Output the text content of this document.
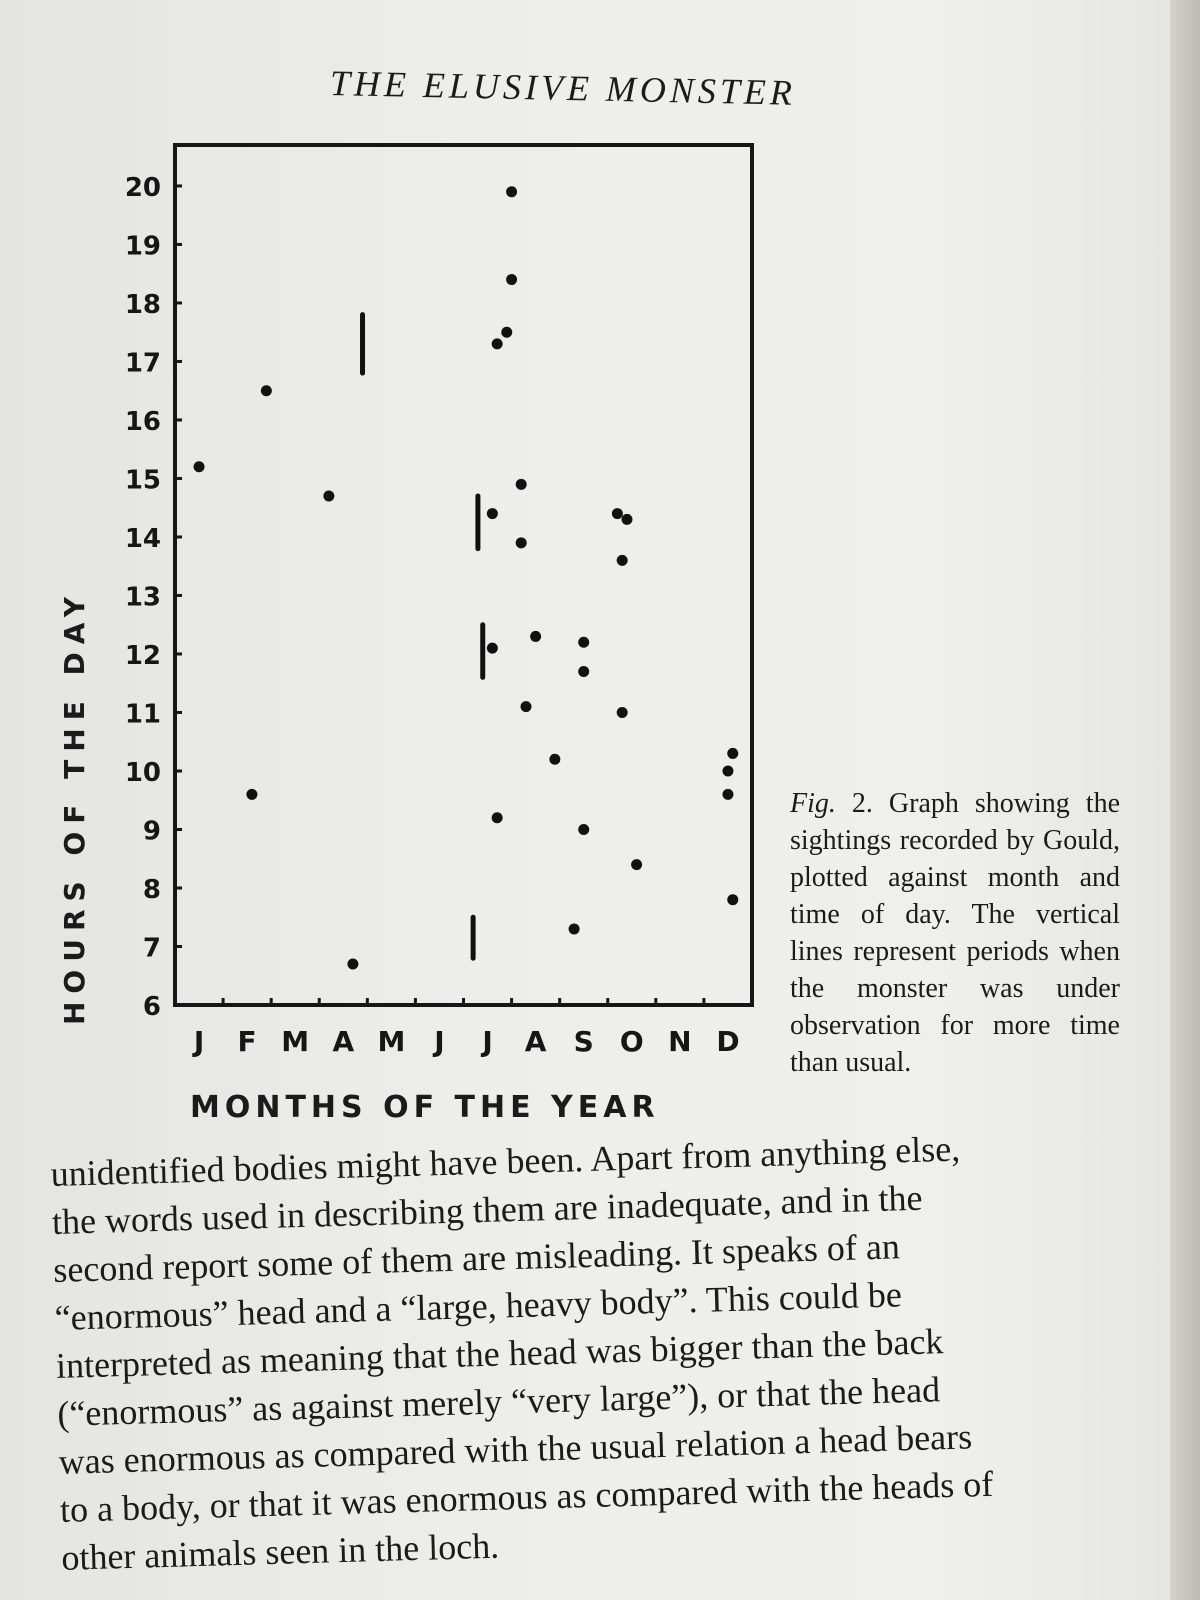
THE ELUSIVE MONSTER
6
7
8
9
10
11
12
13
14
15
16
17
18
19
20
J F M A M J J A S O N D
HOURS OF THE DAY
MONTHS OF THE YEAR
Fig. 2. Graph showing the sightings recorded by Gould, plotted against month and time of day. The vertical lines represent periods when the monster was under observation for more time than usual.
unidentified bodies might have been. Apart from anything else,
the words used in describing them are inadequate, and in the
second report some of them are misleading. It speaks of an
“enormous” head and a “large, heavy body”. This could be
interpreted as meaning that the head was bigger than the back
(“enormous” as against merely “very large”), or that the head
was enormous as compared with the usual relation a head bears
to a body, or that it was enormous as compared with the heads of
other animals seen in the loch.
